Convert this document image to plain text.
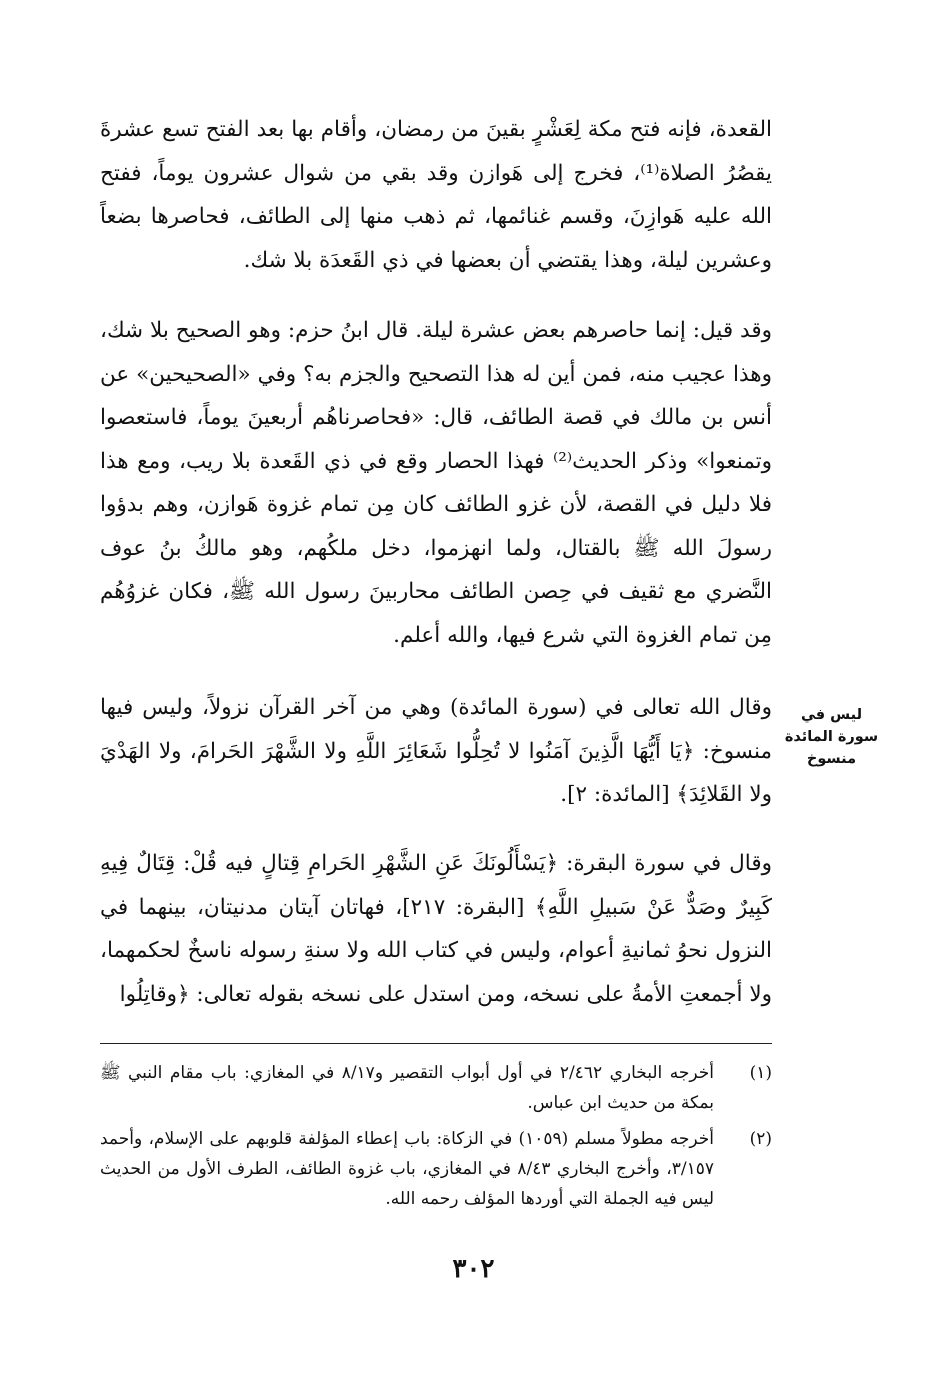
القعدة، فإنه فتح مكة لِعَشْرٍ بقينَ من رمضان، وأقام بها بعد الفتح تسع عشرةَ يقصُرُ الصلاة⁽¹⁾، فخرج إلى هَوازن وقد بقي من شوال عشرون يوماً، ففتح الله عليه هَوازِنَ، وقسم غنائمها، ثم ذهب منها إلى الطائف، فحاصرها بضعاً وعشرين ليلة، وهذا يقتضي أن بعضها في ذي القَعدَة بلا شك.

وقد قيل: إنما حاصرهم بعض عشرة ليلة. قال ابنُ حزم: وهو الصحيح بلا شك، وهذا عجيب منه، فمن أين له هذا التصحيح والجزم به؟ وفي «الصحيحين» عن أنس بن مالك في قصة الطائف، قال: «فحاصرناهُم أربعينَ يوماً، فاستعصوا وتمنعوا» وذكر الحديث⁽²⁾ فهذا الحصار وقع في ذي القَعدة بلا ريب، ومع هذا فلا دليل في القصة، لأن غزو الطائف كان مِن تمام غزوة هَوازن، وهم بدؤوا رسولَ الله ﷺ بالقتال، ولما انهزموا، دخل ملكُهم، وهو مالكُ بنُ عوف النَّضري مع ثقيف في حِصن الطائف محاربينَ رسول الله ﷺ، فكان غزوُهُم مِن تمام الغزوة التي شرع فيها، والله أعلم.

وقال الله تعالى في (سورة المائدة) وهي من آخر القرآن نزولاً، وليس فيها منسوخ: ﴿يَا أَيُّهَا الَّذِينَ آمَنُوا لا تُحِلُّوا شَعَائِرَ اللَّهِ ولا الشَّهْرَ الحَرامَ، ولا الهَدْيَ ولا القَلائِدَ﴾ [المائدة: ٢].

وقال في سورة البقرة: ﴿يَسْأَلُونَكَ عَنِ الشَّهْرِ الحَرامِ قِتالٍ فيه قُلْ: قِتَالٌ فِيهِ كَبِيرٌ وصَدٌّ عَنْ سَبيلِ اللَّهِ﴾ [البقرة: ٢١٧]، فهاتان آيتان مدنيتان، بينهما في النزول نحوُ ثمانيةِ أعوام، وليس في كتاب الله ولا سنةِ رسوله ناسخٌ لحكمهما، ولا أجمعتِ الأمةُ على نسخه، ومن استدل على نسخه بقوله تعالى: ﴿وقاتِلُوا

ليس في سورة المائدة
منسوخ
(١)
أخرجه البخاري ٢/٤٦٢ في أول أبواب التقصير و٨/١٧ في المغازي: باب مقام النبي ﷺ بمكة من حديث ابن عباس.
(٢)
أخرجه مطولاً مسلم (١٠٥٩) في الزكاة: باب إعطاء المؤلفة قلوبهم على الإسلام، وأحمد ٣/١٥٧، وأخرج البخاري ٨/٤٣ في المغازي، باب غزوة الطائف، الطرف الأول من الحديث ليس فيه الجملة التي أوردها المؤلف رحمه الله.
٣٠٢
